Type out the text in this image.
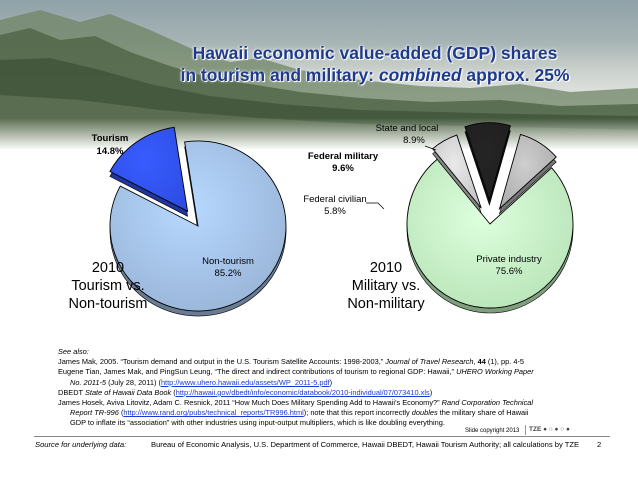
Hawaii economic value-added (GDP) shares
in tourism and military: combined approx. 25%
Tourism
14.8%
Non-tourism
85.2%
2010
Tourism vs.
Non-tourism
State and local
8.9%
Federal military
9.6%
Federal civilian
5.8%
Private industry
75.6%
2010
Military vs.
Non-military

See also:

James Mak, 2005. “Tourism demand and output in the U.S. Tourism Satellite Accounts: 1998-2003,” Journal of Travel Research, 44 (1), pp. 4-5

Eugene Tian, James Mak, and PingSun Leung, “The direct and indirect contributions of tourism to regional GDP: Hawaii,” UHERO Working Paper

No. 2011-5 (July 28, 2011) (http://www.uhero.hawaii.edu/assets/WP_2011-5.pdf)

DBEDT State of Hawaii Data Book (http://hawaii.gov/dbedt/info/economic/databook/2010-individual/07/073410.xls)

James Hosek, Aviva Litovitz, Adam C. Resnick, 2011 “How Much Does Military Spending Add to Hawaii’s Economy?” Rand Corporation Technical

Report TR-996 (http://www.rand.org/pubs/technical_reports/TR996.html); note that this report incorrectly doubles the military share of Hawaii

GDP to inflate its “association” with other industries using input-output multipliers, which is like doubling everything.

Slide copyright 2013	TZE ● ○ ● ○ ●
Source for underlying data:	Bureau of Economic Analysis, U.S. Department of Commerce, Hawaii DBEDT, Hawaii Tourism Authority; all calculations by TZE 2
